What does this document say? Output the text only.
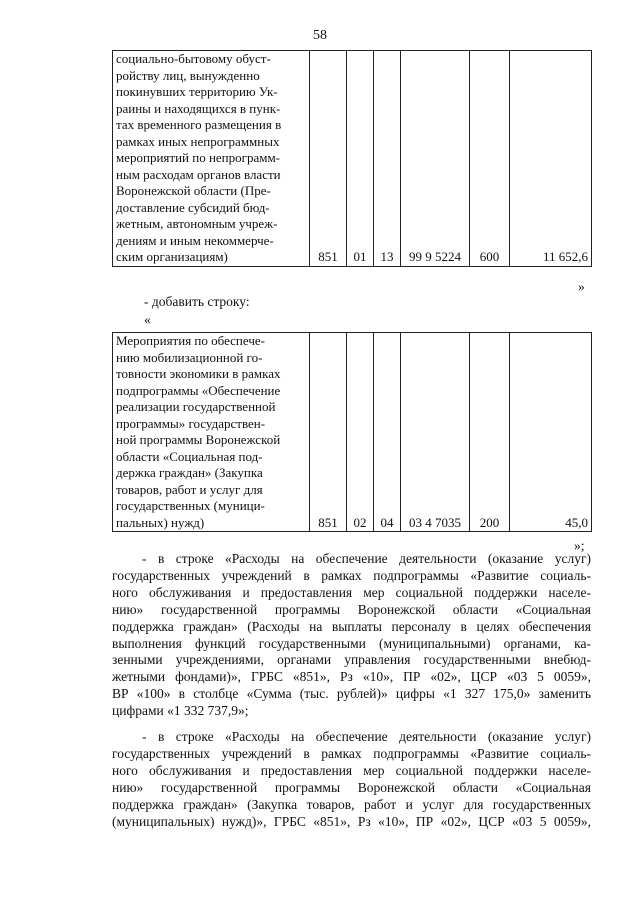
58
социально-бытовому обуст-
ройству лиц, вынужденно
покинувших территорию Ук-
раины и находящихся в пунк-
тах временного размещения в
рамках иных непрограммных
мероприятий по непрограмм-
ным расходам органов власти
Воронежской области (Пре-
доставление субсидий бюд-
жетным, автономным учреж-
дениям и иным некоммерче-
ским организациям)	851	01	13	99 9 5224	600	11 652,6
»
- добавить строку:
«
Мероприятия по обеспече-
нию мобилизационной го-
товности экономики в рамках
подпрограммы «Обеспечение
реализации государственной
программы» государствен-
ной программы Воронежской
области «Социальная под-
держка граждан» (Закупка
товаров, работ и услуг для
государственных (муници-
пальных) нужд)	851	02	04	03 4 7035	200	45,0
»;
- в строке «Расходы на обеспечение деятельности (оказание услуг)
государственных учреждений в рамках подпрограммы «Развитие социаль-
ного обслуживания и предоставления мер социальной поддержки населе-
нию» государственной программы Воронежской области «Социальная
поддержка граждан» (Расходы на выплаты персоналу в целях обеспечения
выполнения функций государственными (муниципальными) органами, ка-
зенными учреждениями, органами управления государственными внебюд-
жетными фондами)», ГРБС «851», Рз «10», ПР «02», ЦСР «03 5 0059»,
ВР «100» в столбце «Сумма (тыс. рублей)» цифры «1 327 175,0» заменить
цифрами «1 332 737,9»;
- в строке «Расходы на обеспечение деятельности (оказание услуг)
государственных учреждений в рамках подпрограммы «Развитие социаль-
ного обслуживания и предоставления мер социальной поддержки населе-
нию» государственной программы Воронежской области «Социальная
поддержка граждан» (Закупка товаров, работ и услуг для государственных
(муниципальных) нужд)», ГРБС «851», Рз «10», ПР «02», ЦСР «03 5 0059»,
